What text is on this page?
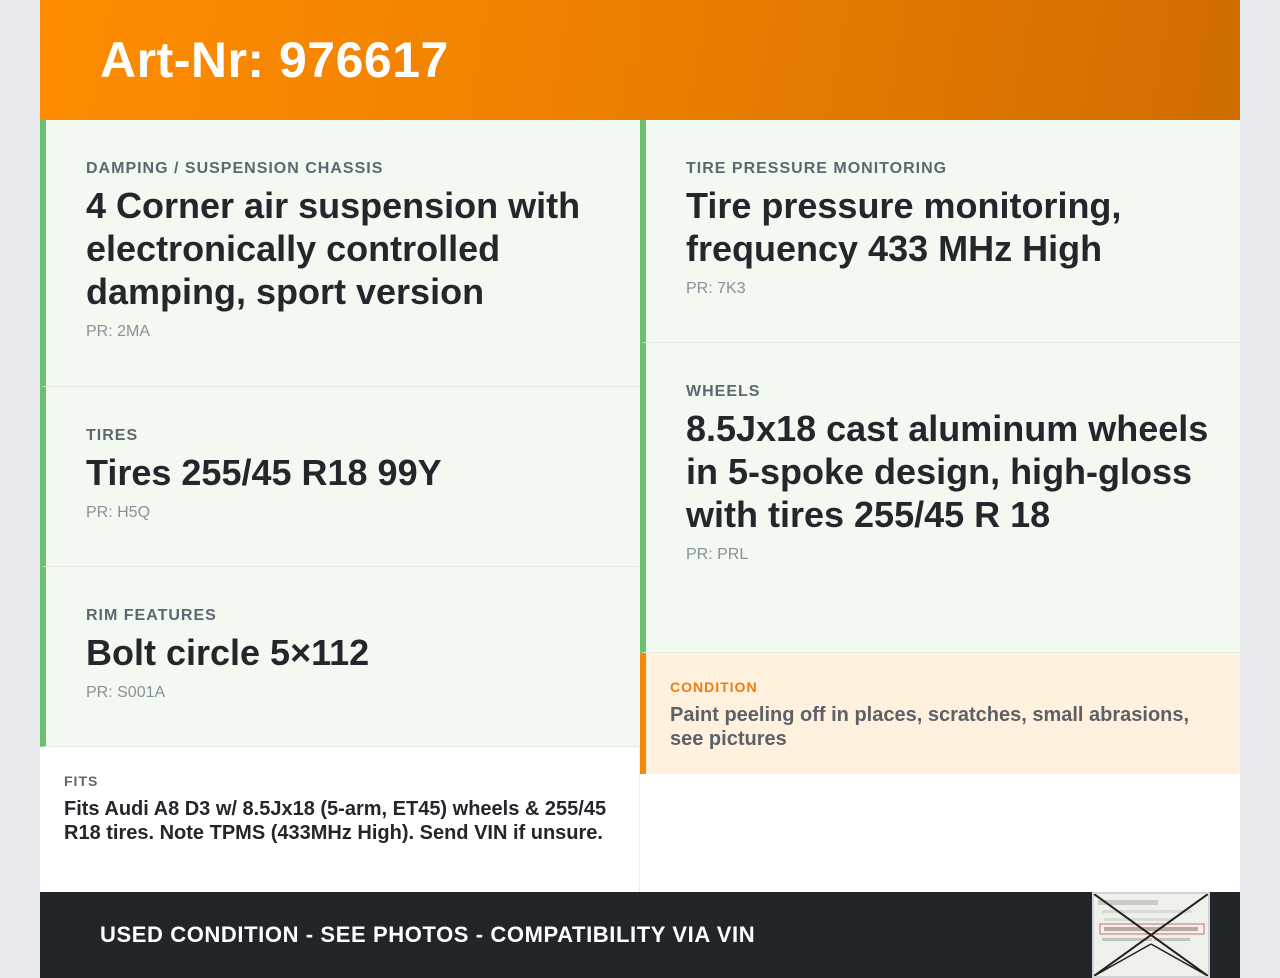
Art-Nr: 976617
DAMPING / SUSPENSION CHASSIS
4 Corner air suspension with electronically controlled damping, sport version
PR: 2MA
TIRES
Tires 255/45 R18 99Y
PR: H5Q
RIM FEATURES
Bolt circle 5×112
PR: S001A
FITS
Fits Audi A8 D3 w/ 8.5Jx18 (5-arm, ET45) wheels & 255/45 R18 tires. Note TPMS (433MHz High). Send VIN if unsure.
TIRE PRESSURE MONITORING
Tire pressure monitoring, frequency 433 MHz High
PR: 7K3
WHEELS
8.5Jx18 cast aluminum wheels in 5-spoke design, high-gloss with tires 255/45 R 18
PR: PRL
CONDITION
Paint peeling off in places, scratches, small abrasions, see pictures
USED CONDITION - SEE PHOTOS - COMPATIBILITY VIA VIN
